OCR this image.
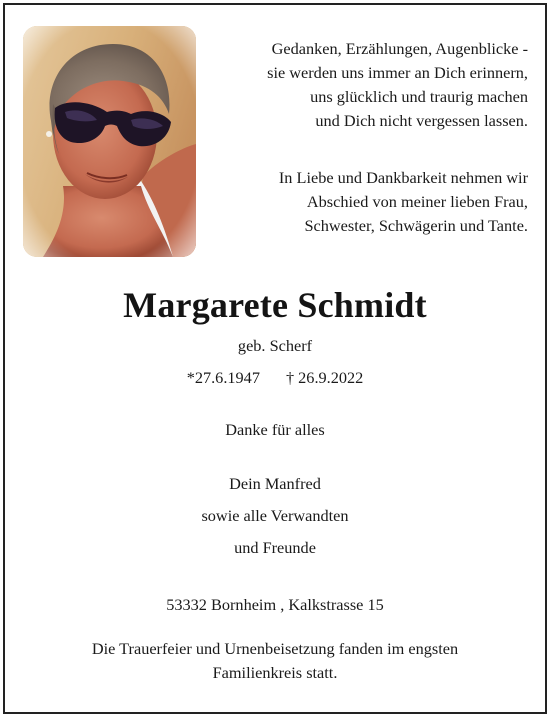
Gedanken, Erzählungen, Augenblicke -

sie werden uns immer an Dich erinnern,

uns glücklich und traurig machen

und Dich nicht vergessen lassen.

In Liebe und Dankbarkeit nehmen wir

Abschied von meiner lieben Frau,

Schwester, Schwägerin und Tante.

Margarete Schmidt
geb. Scherf
*27.6.1947 † 26.9.2022
Danke für alles
Dein Manfred
sowie alle Verwandten
und Freunde
53332 Bornheim , Kalkstrasse 15
Die Trauerfeier und Urnenbeisetzung fanden im engsten
Familienkreis statt.
